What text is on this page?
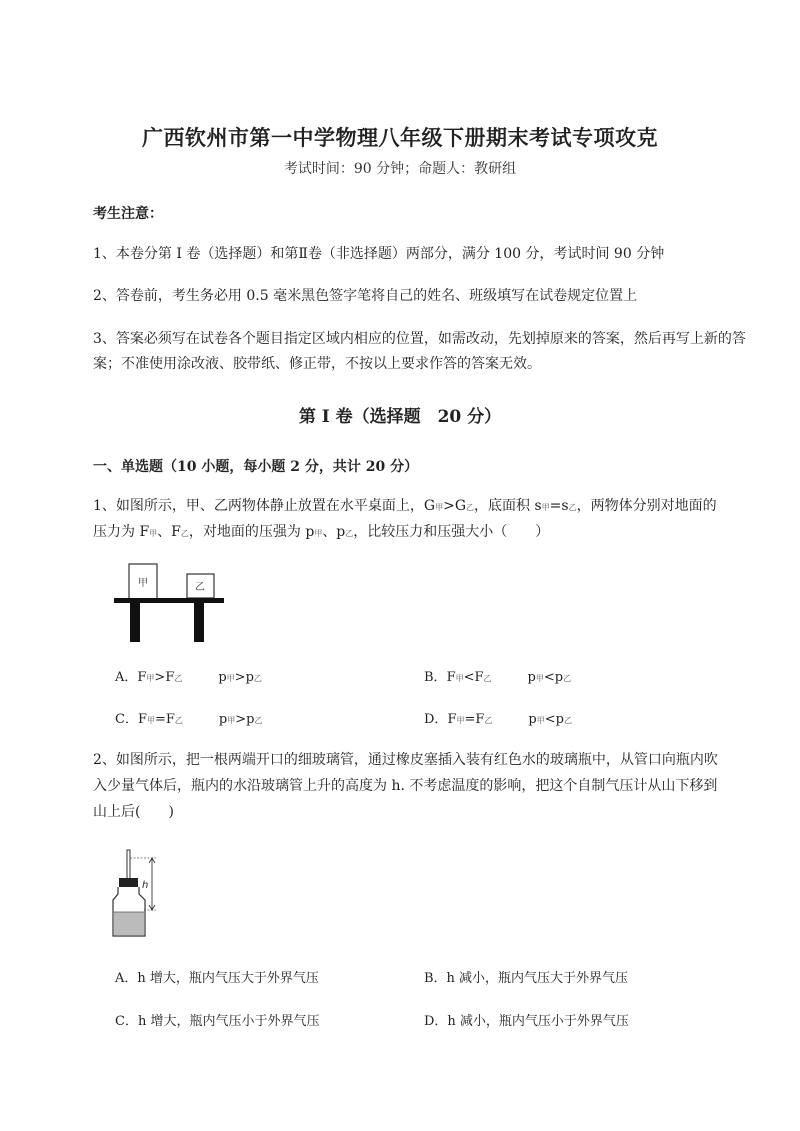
广西钦州市第一中学物理八年级下册期末考试专项攻克
考试时间：90 分钟；命题人：教研组
考生注意：
1、本卷分第 I 卷（选择题）和第Ⅱ卷（非选择题）两部分，满分 100 分，考试时间 90 分钟
2、答卷前，考生务必用 0.5 毫米黑色签字笔将自己的姓名、班级填写在试卷规定位置上
3、答案必须写在试卷各个题目指定区域内相应的位置，如需改动，先划掉原来的答案，然后再写上新的答案；不准使用涂改液、胶带纸、修正带，不按以上要求作答的答案无效。
第 I 卷（选择题　20 分）
一、单选题（10 小题，每小题 2 分，共计 20 分）
1、如图所示，甲、乙两物体静止放置在水平桌面上，G甲>G乙，底面积 s甲=s乙，两物体分别对地面的
压力为 F甲、F乙，对地面的压强为 p甲、p乙，比较压力和压强大小（　　）
甲	乙
A．F甲>F乙	p甲>p乙	B．F甲<F乙	p甲<p乙
C．F甲=F乙	p甲>p乙	D．F甲=F乙	p甲<p乙
2、如图所示，把一根两端开口的细玻璃管，通过橡皮塞插入装有红色水的玻璃瓶中，从管口向瓶内吹
入少量气体后，瓶内的水沿玻璃管上升的高度为 h. 不考虑温度的影响，把这个自制气压计从山下移到
山上后(　　)
h
A．h 增大，瓶内气压大于外界气压	B．h 减小，瓶内气压大于外界气压
C．h 增大，瓶内气压小于外界气压	D．h 减小，瓶内气压小于外界气压
